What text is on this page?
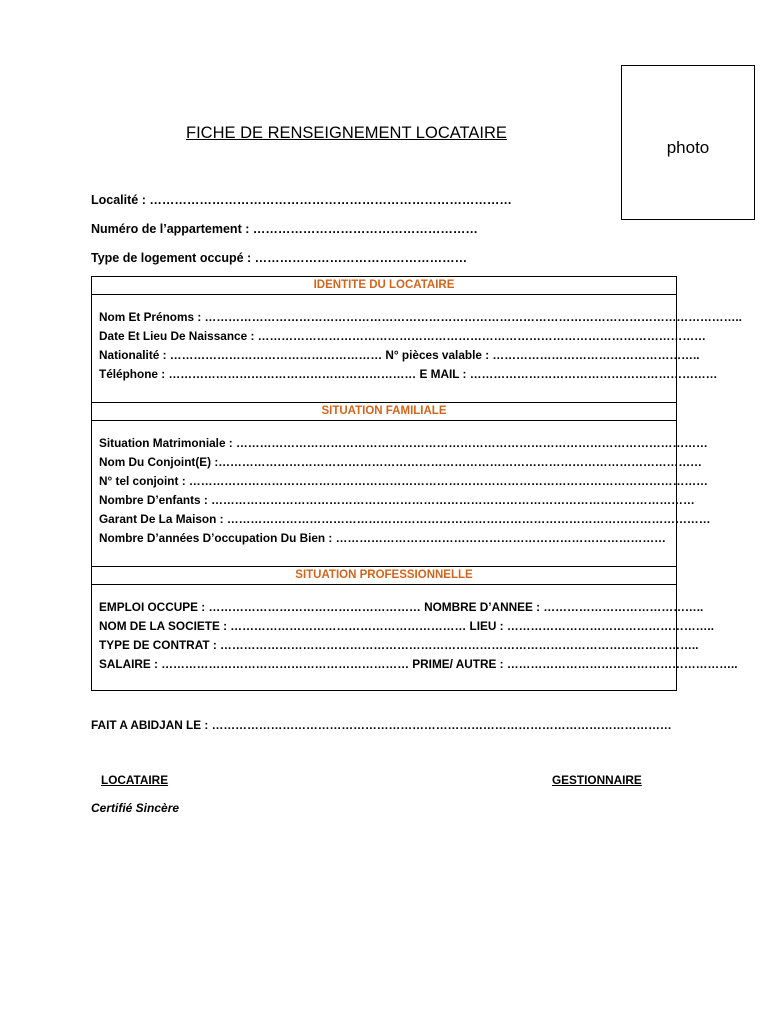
FICHE DE RENSEIGNEMENT LOCATAIRE
photo
Localité : ……………………………………………………………………………
Numéro de l’appartement : ………………………………………………
Type de logement occupé : ……………………………………………
IDENTITE DU LOCATAIRE
Nom Et Prénoms : ………………………………………………………………………………………………………………………..
Date Et Lieu De Naissance : ……………………………………………………………………………………………………
Nationalité : ……………………………………………… N° pièces valable : ……………………………………………..
Téléphone : ……………………………………………………… E MAIL : ………………………………………………………
SITUATION FAMILIALE
Situation Matrimoniale : …………………………………………………………………………………………………………
Nom Du Conjoint(E) :……………………………………………………………………………………………………………
N° tel conjoint : ……………………………………………………………………………………………………………………
Nombre D’enfants : ……………………………………………………………………………………………………………
Garant De La Maison : ……………………………………………………………………………………………………………
Nombre D’années D’occupation Du Bien : …………………………………………………………………………
SITUATION PROFESSIONNELLE
EMPLOI OCCUPE : ……………………………………………… NOMBRE D’ANNEE : …………………………………..
NOM DE LA SOCIETE : …………………………………………………… LIEU : ……………………………………………..
TYPE DE CONTRAT : …………………………………………………………………………………………………………..
SALAIRE : ……………………………………………………… PRIME/ AUTRE : …………………………………………………..
FAIT A ABIDJAN LE : ………………………………………………………………………………………………………
LOCATAIRE	GESTIONNAIRE
Certifié Sincère
